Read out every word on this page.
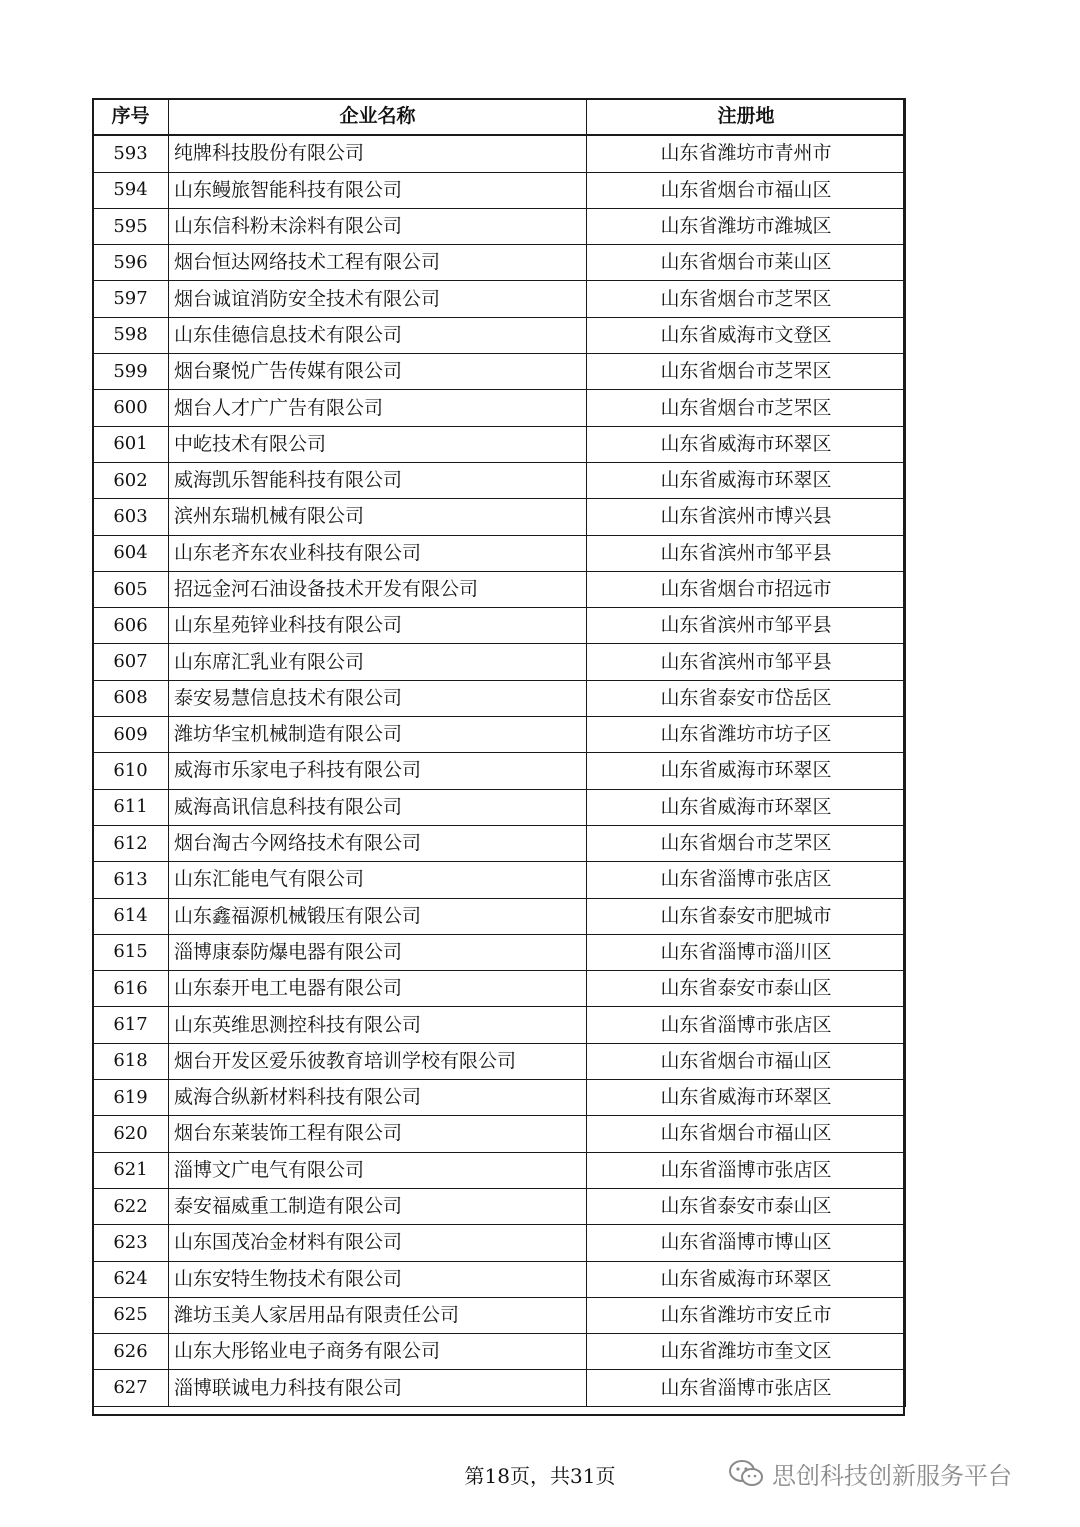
序号	企业名称	注册地
593	纯牌科技股份有限公司	山东省潍坊市青州市
594	山东鳗旅智能科技有限公司	山东省烟台市福山区
595	山东信科粉末涂料有限公司	山东省潍坊市潍城区
596	烟台恒达网络技术工程有限公司	山东省烟台市莱山区
597	烟台诚谊消防安全技术有限公司	山东省烟台市芝罘区
598	山东佳德信息技术有限公司	山东省威海市文登区
599	烟台聚悦广告传媒有限公司	山东省烟台市芝罘区
600	烟台人才广广告有限公司	山东省烟台市芝罘区
601	中屹技术有限公司	山东省威海市环翠区
602	威海凯乐智能科技有限公司	山东省威海市环翠区
603	滨州东瑞机械有限公司	山东省滨州市博兴县
604	山东老齐东农业科技有限公司	山东省滨州市邹平县
605	招远金河石油设备技术开发有限公司	山东省烟台市招远市
606	山东星苑锌业科技有限公司	山东省滨州市邹平县
607	山东席汇乳业有限公司	山东省滨州市邹平县
608	泰安易慧信息技术有限公司	山东省泰安市岱岳区
609	潍坊华宝机械制造有限公司	山东省潍坊市坊子区
610	威海市乐家电子科技有限公司	山东省威海市环翠区
611	威海高讯信息科技有限公司	山东省威海市环翠区
612	烟台淘古今网络技术有限公司	山东省烟台市芝罘区
613	山东汇能电气有限公司	山东省淄博市张店区
614	山东鑫福源机械锻压有限公司	山东省泰安市肥城市
615	淄博康泰防爆电器有限公司	山东省淄博市淄川区
616	山东泰开电工电器有限公司	山东省泰安市泰山区
617	山东英维思测控科技有限公司	山东省淄博市张店区
618	烟台开发区爱乐彼教育培训学校有限公司	山东省烟台市福山区
619	威海合纵新材料科技有限公司	山东省威海市环翠区
620	烟台东莱装饰工程有限公司	山东省烟台市福山区
621	淄博文广电气有限公司	山东省淄博市张店区
622	泰安福威重工制造有限公司	山东省泰安市泰山区
623	山东国茂冶金材料有限公司	山东省淄博市博山区
624	山东安特生物技术有限公司	山东省威海市环翠区
625	潍坊玉美人家居用品有限责任公司	山东省潍坊市安丘市
626	山东大彤铭业电子商务有限公司	山东省潍坊市奎文区
627	淄博联诚电力科技有限公司	山东省淄博市张店区
第18页，共31页	思创科技创新服务平台
